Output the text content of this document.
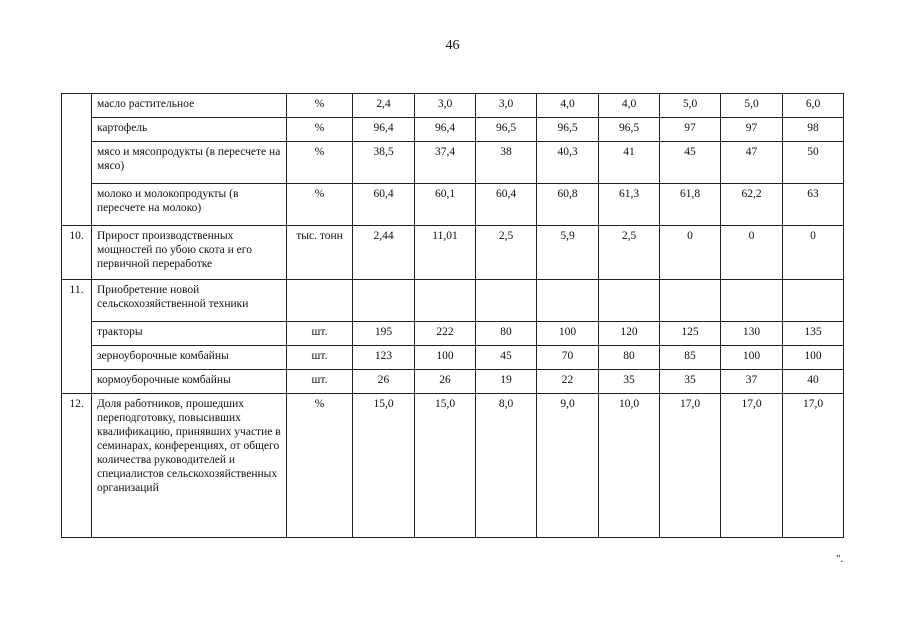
46
	масло растительное	%	2,4	3,0	3,0	4,0	4,0	5,0	5,0	6,0
	картофель	%	96,4	96,4	96,5	96,5	96,5	97	97	98
	мясо и мясопродукты (в пересчете на мясо)	%	38,5	37,4	38	40,3	41	45	47	50
	молоко и молокопродукты (в пересчете на молоко)	%	60,4	60,1	60,4	60,8	61,3	61,8	62,2	63
10.	Прирост производственных мощностей по убою скота и его первичной переработке	тыс. тонн	2,44	11,01	2,5	5,9	2,5	0	0	0
11.	Приобретение новой сельскохозяйственной техники									
	тракторы	шт.	195	222	80	100	120	125	130	135
	зерноуборочные комбайны	шт.	123	100	45	70	80	85	100	100
	кормоуборочные комбайны	шт.	26	26	19	22	35	35	37	40
12.	Доля работников, прошедших переподготовку, повысивших квалификацию, принявших участие в семинарах, конференциях, от общего количества руководителей и специалистов сельскохозяйственных организаций	%	15,0	15,0	8,0	9,0	10,0	17,0	17,0	17,0
".
